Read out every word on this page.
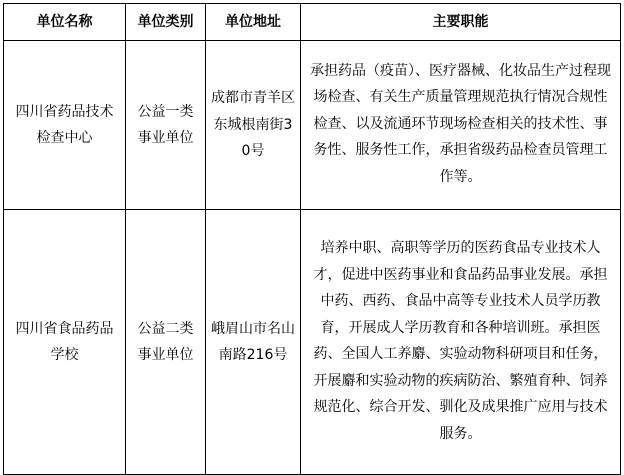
单位名称	单位类别	单位地址	主要职能
四川省药品技术检查中心	公益一类事业单位	成都市青羊区东城根南街30号	承担药品（疫苗）、医疗器械、化妆品生产过程现场检查、有关生产质量管理规范执行情况合规性检查、以及流通环节现场检查相关的技术性、事务性、服务性工作，承担省级药品检查员管理工作等。
四川省食品药品学校	公益二类事业单位	峨眉山市名山南路216号	培养中职、高职等学历的医药食品专业技术人才，促进中医药事业和食品药品事业发展。承担中药、西药、食品中高等专业技术人员学历教育，开展成人学历教育和各种培训班。承担医药、全国人工养麝、实验动物科研项目和任务，开展麝和实验动物的疾病防治、繁殖育种、饲养规范化、综合开发、驯化及成果推广应用与技术服务。
